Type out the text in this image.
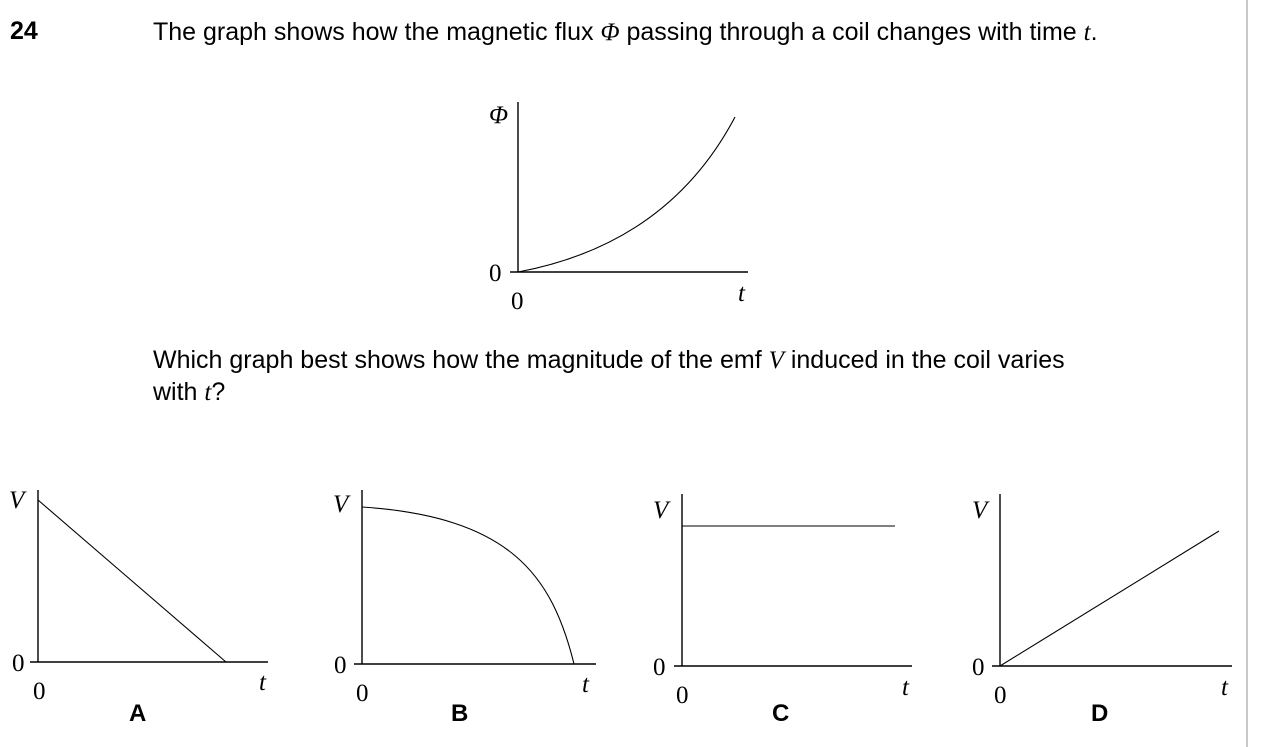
24	The graph shows how the magnetic flux Φ passing through a coil changes with time t.
Which graph best shows how the magnitude of the emf V induced in the coil varies
with t?
Φ
0
0	t
V
0
0	t
V
0
0	t
V
0
0	t
V
0
0	t
A	B	C	D
